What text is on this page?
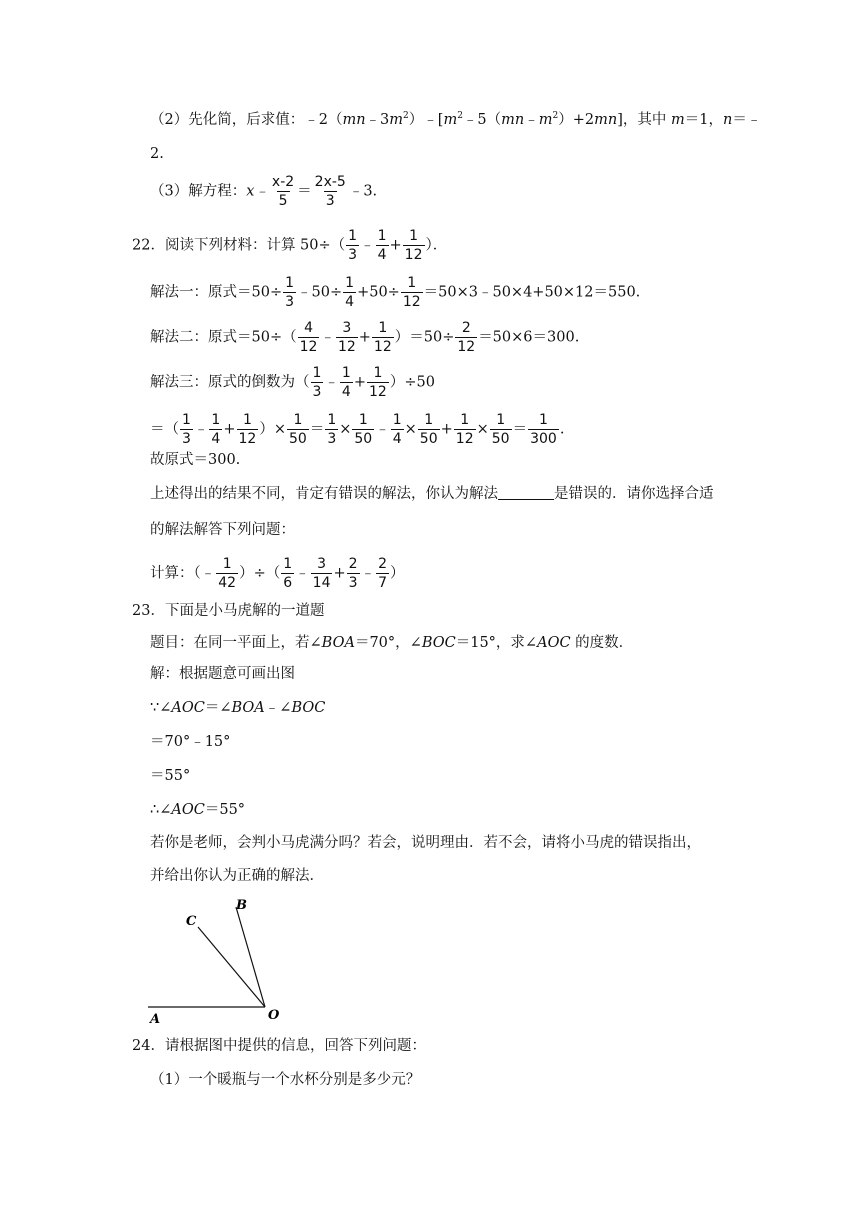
（2）先化简，后求值：$﹣2(mn﹣3m^2)﹣[m^2﹣5(mn﹣m^2)+2mn]$，其中 m＝1，n＝﹣
2.
（3）解方程：x﹣ $\frac{x-2}{5} = \frac{2x-5}{3}$ ﹣3.
22．阅读下列材料：计算 $50\div( \frac{1}{3}$ ﹣ $\frac{1}{4} + \frac{1}{12}$ ）．
解法一：原式$=50\div \frac{1}{3}$ ﹣50÷ $\frac{1}{4} +50\div \frac{1}{12}$ ＝50×3﹣50×4+50×12＝550.
解法二：原式$=50\div( \frac{4}{12}$ ﹣ $\frac{3}{12} + \frac{1}{12} )=50\div \frac{2}{12} =50\times 6=300$.
解法三：原式的倒数为（ $\frac{1}{3}$ ﹣ $\frac{1}{4} + \frac{1}{12} )\div 50$
＝（ $\frac{1}{3}$ ﹣ $\frac{1}{4} + \frac{1}{12}$ ）× $\frac{1}{50} = \frac{1}{3} \times \frac{1}{50}$ ﹣ $\frac{1}{4} \times \frac{1}{50} + \frac{1}{12} \times \frac{1}{50} = \frac{1}{300}$ .
故原式＝300.
上述得出的结果不同，肯定有错误的解法，你认为解法	是错误的．请你选择合适
的解法解答下列问题：
计算：（﹣ $\frac{1}{42}$ ）÷（ $\frac{1}{6}$ ﹣ $\frac{3}{14} + \frac{2}{3}$ ﹣ $\frac{2}{7}$ ）
23．下面是小马虎解的一道题
题目：在同一平面上，若∠BOA＝70°，∠BOC＝15°，求∠AOC 的度数．
解：根据题意可画出图
∵∠AOC＝∠BOA﹣∠BOC
＝70°﹣15°
＝55°
∴∠AOC＝55°
若你是老师，会判小马虎满分吗？若会，说明理由．若不会，请将小马虎的错误指出，
并给出你认为正确的解法．
A
B
C
O
24．请根据图中提供的信息，回答下列问题：
（1）一个暖瓶与一个水杯分别是多少元？
